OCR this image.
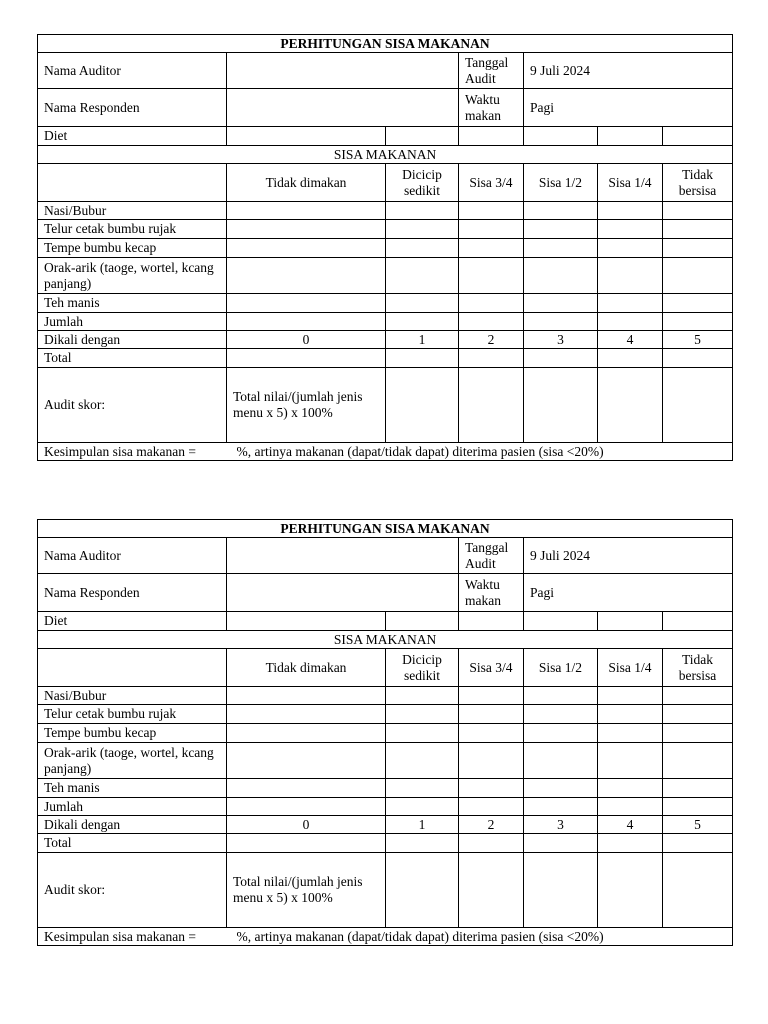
PERHITUNGAN SISA MAKANAN						
Nama Auditor			Tanggal Audit	9 Juli 2024		
Nama Responden			Waktu makan	Pagi		
Diet						
SISA MAKANAN						
	Tidak dimakan	Dicicip sedikit	Sisa 3/4	Sisa 1/2	Sisa 1/4	Tidak bersisa
Nasi/Bubur						
Telur cetak bumbu rujak						
Tempe bumbu kecap						
Orak-arik (taoge, wortel, kcang panjang)						
Teh manis						
Jumlah						
Dikali dengan	0	1	2	3	4	5
Total						
Audit skor:	Total nilai/(jumlah jenis menu x 5) x 100%					
Kesimpulan sisa makanan = %, artinya makanan (dapat/tidak dapat) diterima pasien (sisa <20%)						
PERHITUNGAN SISA MAKANAN						
Nama Auditor			Tanggal Audit	9 Juli 2024		
Nama Responden			Waktu makan	Pagi		
Diet						
SISA MAKANAN						
	Tidak dimakan	Dicicip sedikit	Sisa 3/4	Sisa 1/2	Sisa 1/4	Tidak bersisa
Nasi/Bubur						
Telur cetak bumbu rujak						
Tempe bumbu kecap						
Orak-arik (taoge, wortel, kcang panjang)						
Teh manis						
Jumlah						
Dikali dengan	0	1	2	3	4	5
Total						
Audit skor:	Total nilai/(jumlah jenis menu x 5) x 100%					
Kesimpulan sisa makanan = %, artinya makanan (dapat/tidak dapat) diterima pasien (sisa <20%)						
